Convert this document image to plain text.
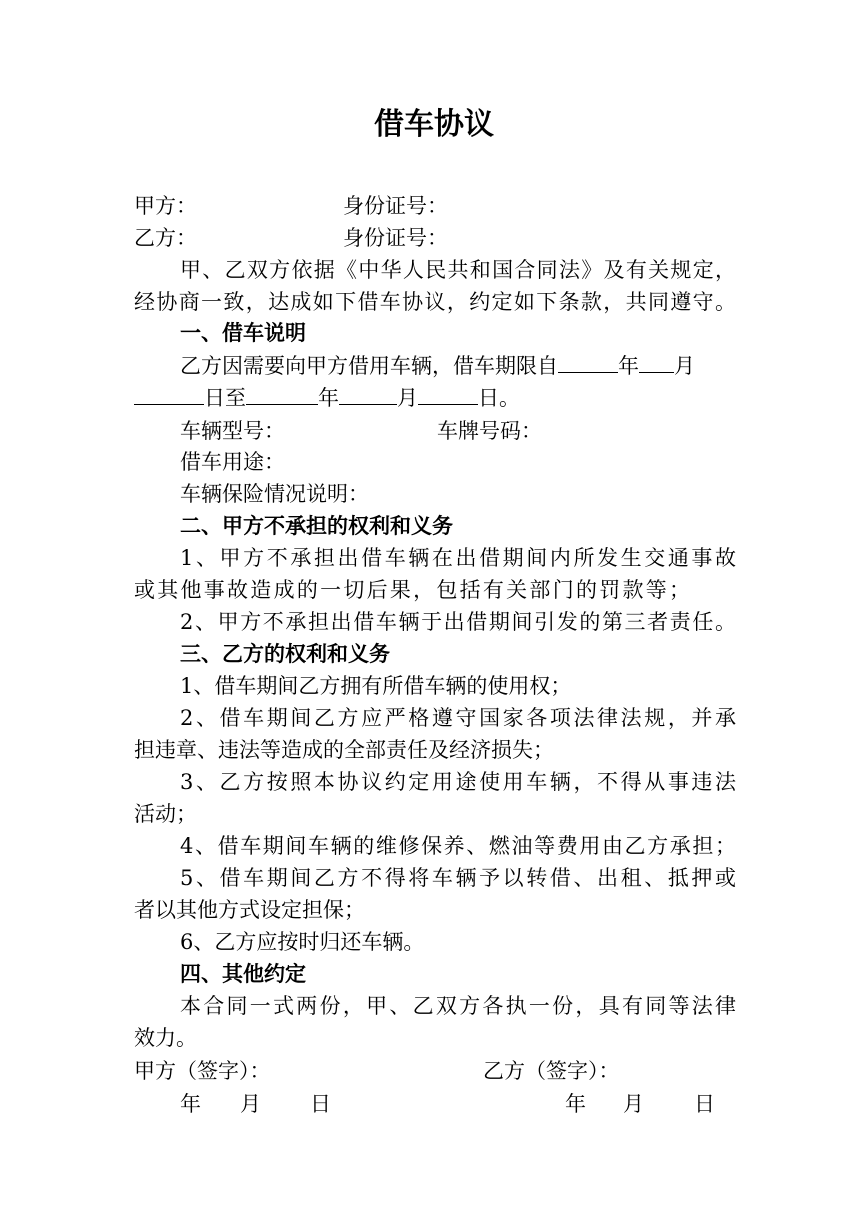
借车协议
甲方：	身份证号：
乙方：	身份证号：
甲、乙双方依据《中华人民共和国合同法》及有关规定，
经协商一致，达成如下借车协议，约定如下条款，共同遵守。
一、借车说明
乙方因需要向甲方借用车辆，借车期限自	年 月
日至	年	月	日。
车辆型号：	车牌号码：
借车用途：
车辆保险情况说明：
二、甲方不承担的权利和义务
1、甲方不承担出借车辆在出借期间内所发生交通事故
或其他事故造成的一切后果，包括有关部门的罚款等；
2、甲方不承担出借车辆于出借期间引发的第三者责任。
三、乙方的权利和义务
1、借车期间乙方拥有所借车辆的使用权；
2、借车期间乙方应严格遵守国家各项法律法规，并承
担违章、违法等造成的全部责任及经济损失；
3、乙方按照本协议约定用途使用车辆，不得从事违法
活动；
4、借车期间车辆的维修保养、燃油等费用由乙方承担；
5、借车期间乙方不得将车辆予以转借、出租、抵押或
者以其他方式设定担保；
6、乙方应按时归还车辆。
四、其他约定
本合同一式两份，甲、乙双方各执一份，具有同等法律
效力。
甲方（签字）：	乙方（签字）：
年 月 日	年 月 日
